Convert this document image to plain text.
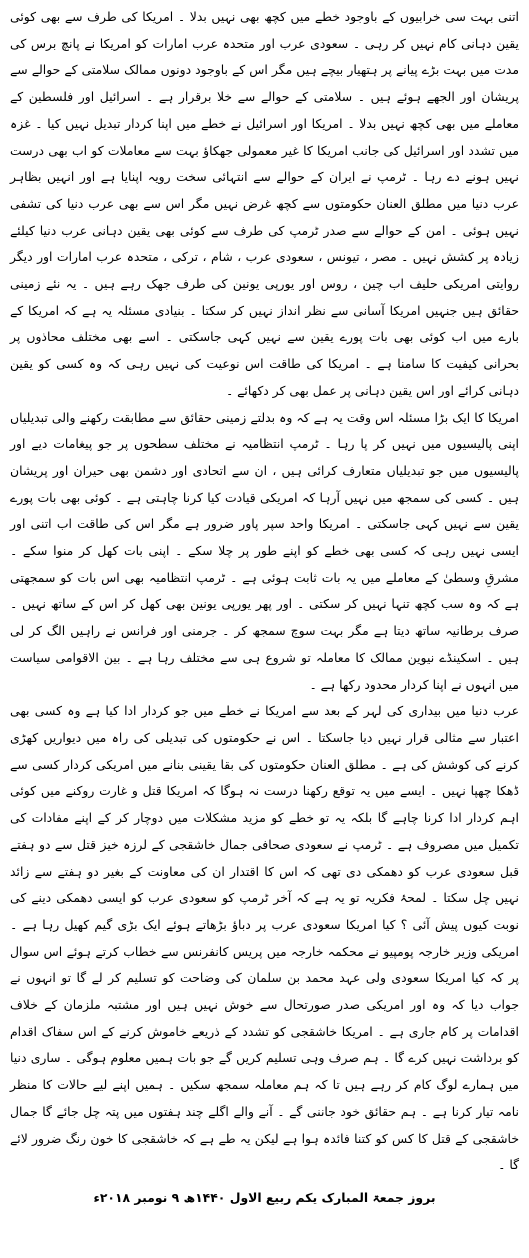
اتنی بہت سی خرابیوں کے باوجود خطے میں کچھ بھی نہیں بدلا ۔ امریکا کی طرف سے بھی کوئی یقین دہانی کام نہیں کر رہی ۔ سعودی عرب اور متحدہ عرب امارات کو امریکا نے پانچ برس کی مدت میں بہت بڑے پیانے پر ہتھیار بیچے ہیں مگر اس کے باوجود دونوں ممالک سلامتی کے حوالے سے پریشان اور الجھے ہوئے ہیں ۔ سلامتی کے حوالے سے خلا برقرار ہے ۔ اسرائیل اور فلسطین کے معاملے میں بھی کچھ نہیں بدلا ۔ امریکا اور اسرائیل نے خطے میں اپنا کردار تبدیل نہیں کیا ۔ غزہ میں تشدد اور اسرائیل کی جانب امریکا کا غیر معمولی جھکاؤ بہت سے معاملات کو اب بھی درست نہیں ہونے دے رہا ۔ ٹرمپ نے ایران کے حوالے سے انتہائی سخت رویہ اپنایا ہے اور انہیں بظاہر عرب دنیا میں مطلق العنان حکومتوں سے کچھ غرض نہیں مگر اس سے بھی عرب دنیا کی تشفی نہیں ہوئی ۔ امن کے حوالے سے صدر ٹرمپ کی طرف سے کوئی بھی یقین دہانی عرب دنیا کیلئے زیادہ پر کشش نہیں ۔ مصر ، تیونس ، سعودی عرب ، شام ، ترکی ، متحدہ عرب امارات اور دیگر روایتی امریکی حلیف اب چین ، روس اور یورپی یونین کی طرف جھک رہے ہیں ۔ یہ نئے زمینی حقائق ہیں جنہیں امریکا آسانی سے نظر انداز نہیں کر سکتا ۔ بنیادی مسئلہ یہ ہے کہ امریکا کے بارے میں اب کوئی بھی بات پورے یقین سے نہیں کہی جاسکتی ۔ اسے بھی مختلف محاذوں پر بحرانی کیفیت کا سامنا ہے ۔ امریکا کی طاقت اس نوعیت کی نہیں رہی کہ وہ کسی کو یقین دہانی کرائے اور اس یقین دہانی پر عمل بھی کر دکھائے ۔

امریکا کا ایک بڑا مسئلہ اس وقت یہ ہے کہ وہ بدلتے زمینی حقائق سے مطابقت رکھنے والی تبدیلیاں اپنی پالیسیوں میں نہیں کر پا رہا ۔ ٹرمپ انتظامیہ نے مختلف سطحوں پر جو پیغامات دیے اور پالیسیوں میں جو تبدیلیاں متعارف کرائی ہیں ، ان سے اتحادی اور دشمن بھی حیران اور پریشان ہیں ۔ کسی کی سمجھ میں نہیں آرہا کہ امریکی قیادت کیا کرنا چاہتی ہے ۔ کوئی بھی بات پورے یقین سے نہیں کہی جاسکتی ۔ امریکا واحد سپر پاور ضرور ہے مگر اس کی طاقت اب اتنی اور ایسی نہیں رہی کہ کسی بھی خطے کو اپنے طور پر چلا سکے ۔ اپنی بات کھل کر منوا سکے ۔ مشرقِ وسطیٰ کے معاملے میں یہ بات ثابت ہوئی ہے ۔ ٹرمپ انتظامیہ بھی اس بات کو سمجھتی ہے کہ وہ سب کچھ تنہا نہیں کر سکتی ۔ اور پھر یورپی یونین بھی کھل کر اس کے ساتھ نہیں ۔ صرف برطانیہ ساتھ دیتا ہے مگر بہت سوچ سمجھ کر ۔ جرمنی اور فرانس نے راہیں الگ کر لی ہیں ۔ اسکینڈے نیوین ممالک کا معاملہ تو شروع ہی سے مختلف رہا ہے ۔ بین الاقوامی سیاست میں انہوں نے اپنا کردار محدود رکھا ہے ۔

عرب دنیا میں بیداری کی لہر کے بعد سے امریکا نے خطے میں جو کردار ادا کیا ہے وہ کسی بھی اعتبار سے مثالی قرار نہیں دیا جاسکتا ۔ اس نے حکومتوں کی تبدیلی کی راہ میں دیواریں کھڑی کرنے کی کوشش کی ہے ۔ مطلق العنان حکومتوں کی بقا یقینی بنانے میں امریکی کردار کسی سے ڈھکا چھپا نہیں ۔ ایسے میں یہ توقع رکھنا درست نہ ہوگا کہ امریکا قتل و غارت روکنے میں کوئی اہم کردار ادا کرنا چاہے گا بلکہ یہ تو خطے کو مزید مشکلات میں دوچار کر کے اپنے مفادات کی تکمیل میں مصروف ہے ۔ ٹرمپ نے سعودی صحافی جمال خاشقجی کے لرزہ خیز قتل سے دو ہفتے قبل سعودی عرب کو دھمکی دی تھی کہ اس کا اقتدار ان کی معاونت کے بغیر دو ہفتے سے زائد نہیں چل سکتا ۔ لمحۂ فکریہ تو یہ ہے کہ آخر ٹرمپ کو سعودی عرب کو ایسی دھمکی دینے کی نوبت کیوں پیش آئی ؟ کیا امریکا سعودی عرب پر دباؤ بڑھاتے ہوئے ایک بڑی گیم کھیل رہا ہے ۔ امریکی وزیر خارجہ پومپیو نے محکمہ خارجہ میں پریس کانفرنس سے خطاب کرتے ہوئے اس سوال پر کہ کیا امریکا سعودی ولی عہد محمد بن سلمان کی وضاحت کو تسلیم کر لے گا تو انہوں نے جواب دیا کہ وہ اور امریکی صدر صورتحال سے خوش نہیں ہیں اور مشتبہ ملزمان کے خلاف اقدامات پر کام جاری ہے ۔ امریکا خاشقجی کو تشدد کے ذریعے خاموش کرنے کے اس سفاک اقدام کو برداشت نہیں کرے گا ۔ ہم صرف وہی تسلیم کریں گے جو بات ہمیں معلوم ہوگی ۔ ساری دنیا میں ہمارے لوگ کام کر رہے ہیں تا کہ ہم معاملہ سمجھ سکیں ۔ ہمیں اپنے لیے حالات کا منظر نامہ تیار کرنا ہے ۔ ہم حقائق خود جاننی گے ۔ آنے والے اگلے چند ہفتوں میں پتہ چل جائے گا جمال خاشقجی کے قتل کا کس کو کتنا فائدہ ہوا ہے لیکن یہ طے ہے کہ خاشقجی کا خون رنگ ضرور لائے گا ۔

بروز جمعۃ المبارک یکم ربیع الاول ۱۴۴۰ھ ۹ نومبر ۲۰۱۸ء
